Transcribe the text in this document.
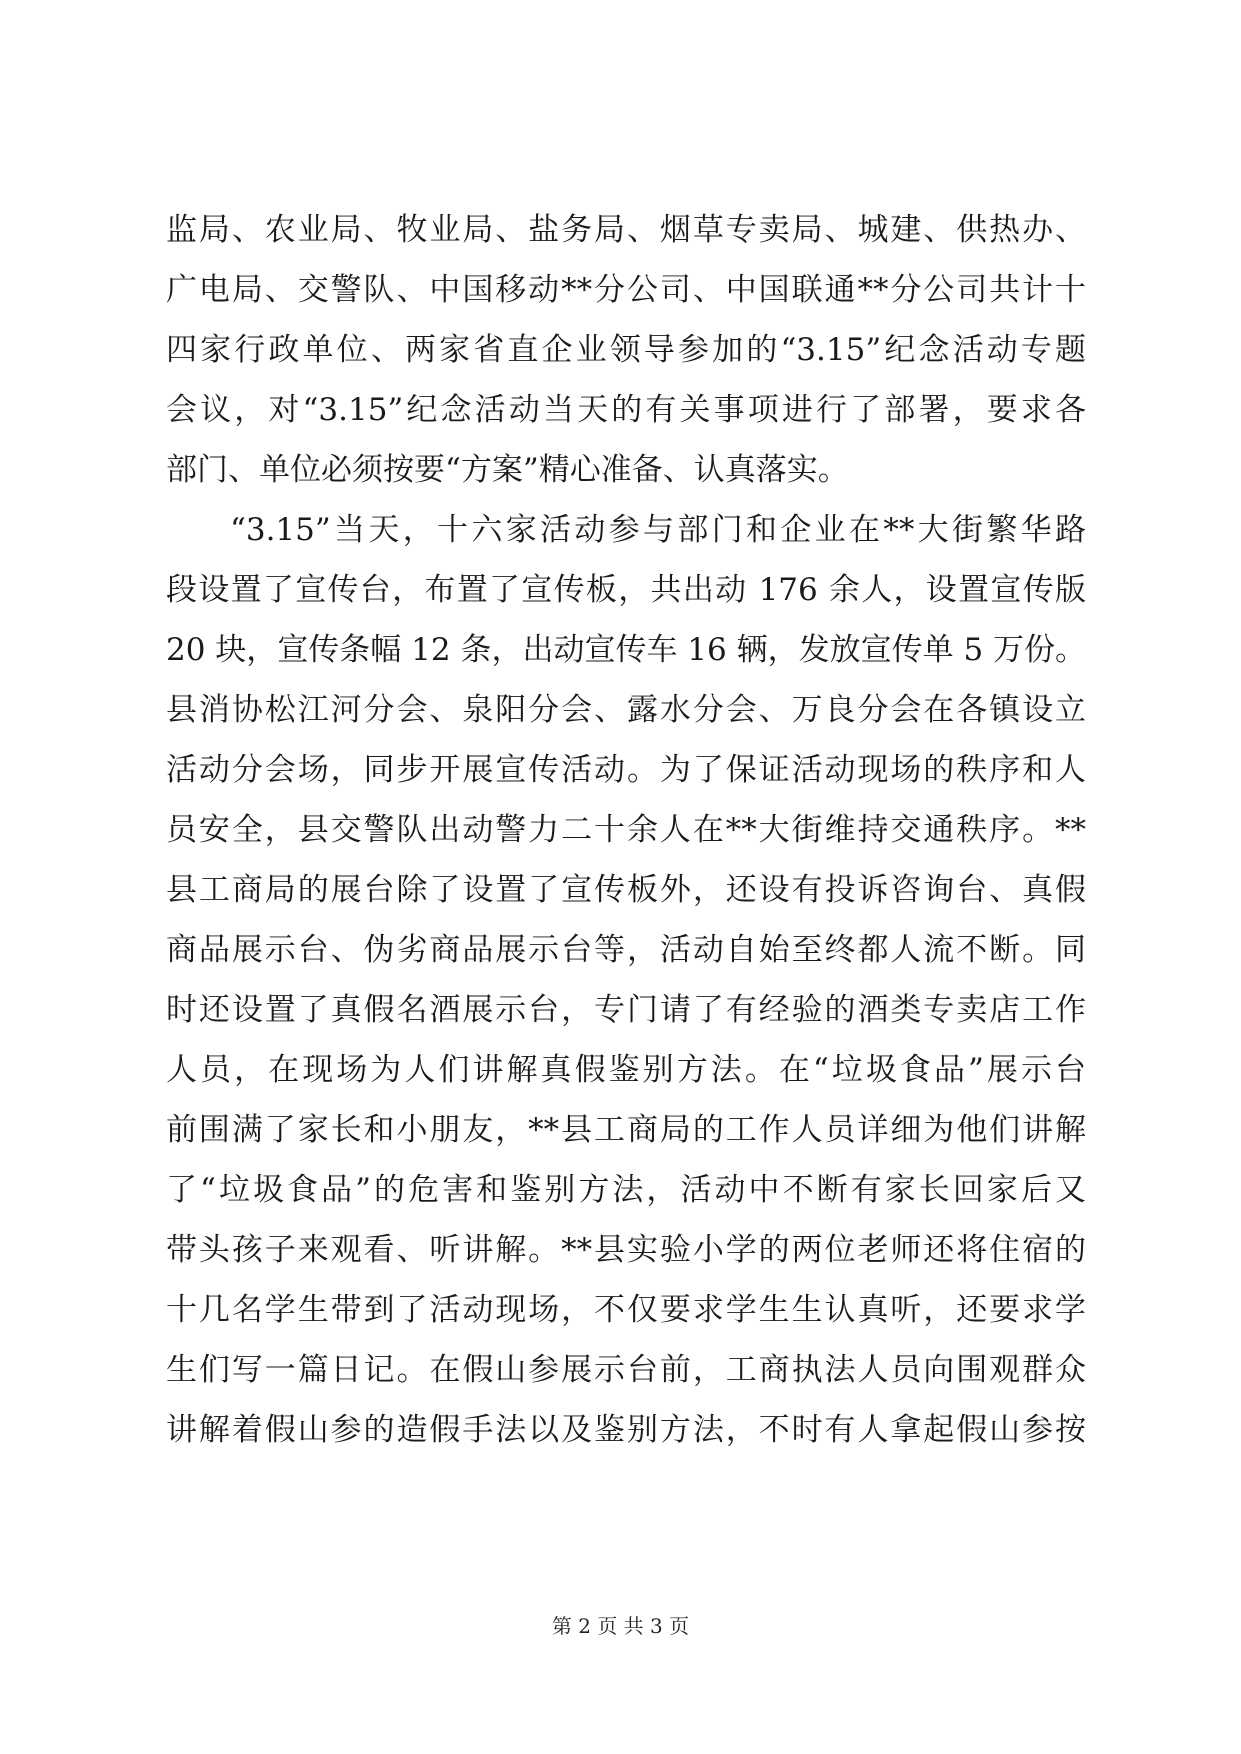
监局、农业局、牧业局、盐务局、烟草专卖局、城建、供热办、
广电局、交警队、中国移动**分公司、中国联通**分公司共计十
四家行政单位、两家省直企业领导参加的“3.15”纪念活动专题
会议，对“3.15”纪念活动当天的有关事项进行了部署，要求各
部门、单位必须按要“方案”精心准备、认真落实。
“3.15”当天，十六家活动参与部门和企业在**大街繁华路
段设置了宣传台，布置了宣传板，共出动 176 余人，设置宣传版
20 块，宣传条幅 12 条，出动宣传车 16 辆，发放宣传单 5 万份。
县消协松江河分会、泉阳分会、露水分会、万良分会在各镇设立
活动分会场，同步开展宣传活动。为了保证活动现场的秩序和人
员安全，县交警队出动警力二十余人在**大街维持交通秩序。**
县工商局的展台除了设置了宣传板外，还设有投诉咨询台、真假
商品展示台、伪劣商品展示台等，活动自始至终都人流不断。同
时还设置了真假名酒展示台，专门请了有经验的酒类专卖店工作
人员，在现场为人们讲解真假鉴别方法。在“垃圾食品”展示台
前围满了家长和小朋友，**县工商局的工作人员详细为他们讲解
了“垃圾食品”的危害和鉴别方法，活动中不断有家长回家后又
带头孩子来观看、听讲解。**县实验小学的两位老师还将住宿的
十几名学生带到了活动现场，不仅要求学生生认真听，还要求学
生们写一篇日记。在假山参展示台前，工商执法人员向围观群众
讲解着假山参的造假手法以及鉴别方法，不时有人拿起假山参按
第 2 页 共 3 页
